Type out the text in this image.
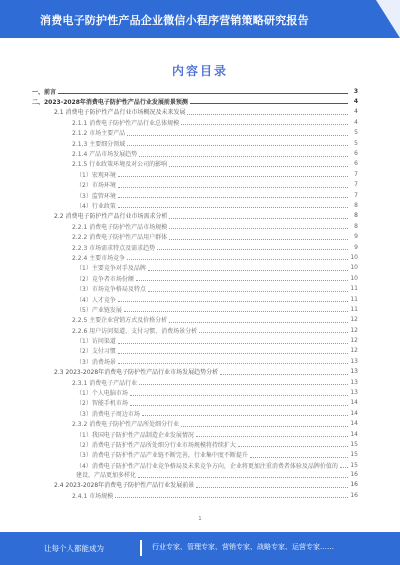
消费电子防护性产品企业微信小程序营销策略研究报告
内容目录
一、前言	3
二、2023-2028年消费电子防护性产品行业发展前景预测	4
2.1 消费电子防护性产品行业市场概况及未来发展	4
2.1.1 消费电子防护性产品行业总体规模	4
2.1.2 市场主要产品	5
2.1.3 主要细分领域	5
2.1.4 产品市场发展趋势	6
2.1.5 行业政策环境及对公司的影响	6
（1）宏观环境	7
（2）市场环境	7
（3）监管环境	7
（4）行业政策	8
2.2 消费电子防护性产品行业市场需求分析	8
2.2.1 消费电子防护性产品市场规模	8
2.2.2 消费电子防护性产品用户群体	9
2.2.3 市场需求特点及需求趋势	9
2.2.4 主要市场竞争	10
（1）主要竞争对手及品牌	10
（2）竞争者市场份额	10
（3）市场竞争格局及特点	11
（4）人才竞争	11
（5）产业链发展	11
2.2.5 主要企业营销方式及价格分析	12
2.2.6 用户访问渠道、支付习惯、消费场景分析	12
（1）访问渠道	12
（2）支付习惯	12
（3）消费场景	13
2.3 2023-2028年消费电子防护性产品行业市场发展趋势分析	13
2.3.1 消费电子产品行业	13
（1）个人电脑市场	13
（2）智能手机市场	14
（3）消费电子周边市场	14
2.3.2 消费电子防护性产品所处细分行业	14
（1）我国电子防护性产品制造企业发展情况	14
（2）消费电子防护性产品所处细分行业市场规模将持续扩大	15
（3）消费电子防护性产品产业链不断完善，行业集中度不断提升	15
（4）消费电子防护性产品行业竞争格局及未来竞争方向，企业将更加注重消费者体验及品牌价值的 15
建设，产品更加多样化	16
2.4 2023-2028年消费电子防护性产品行业发展前景	16
2.4.1 市场规模	16
1
让每个人都能成为	行业专家、管理专家、营销专家、战略专家、运营专家……
